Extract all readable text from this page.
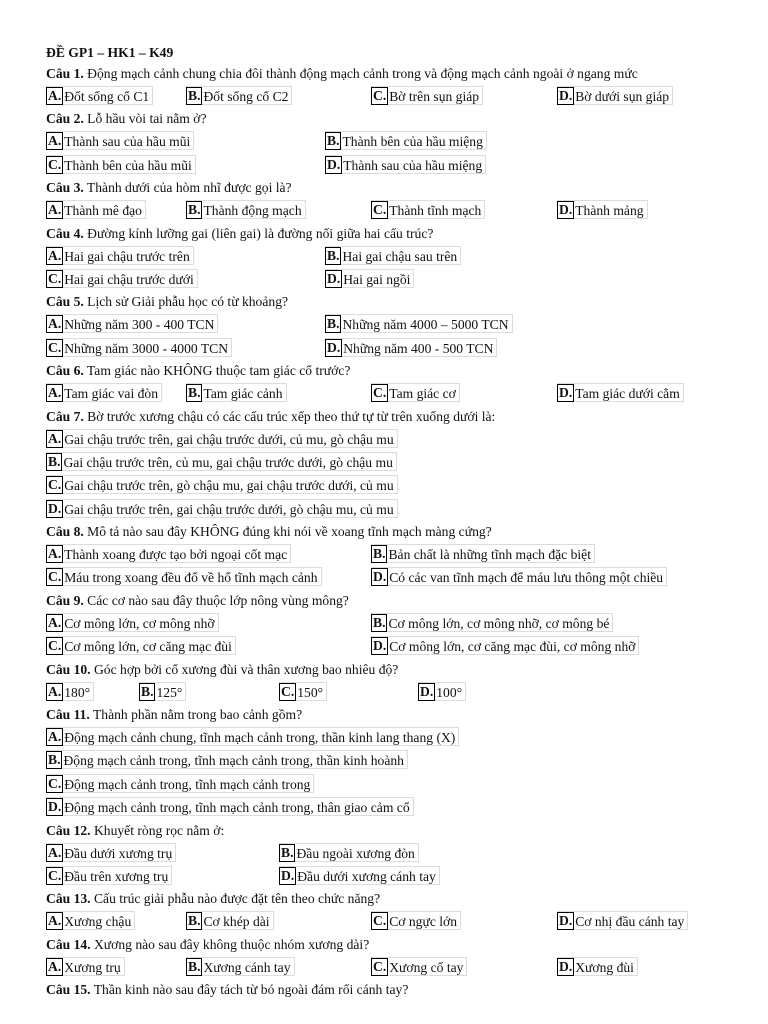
ĐỀ GP1 – HK1 – K49
Câu 1. Động mạch cảnh chung chia đôi thành động mạch cảnh trong và động mạch cảnh ngoài ở ngang mức
A. Đốt sống cổ C1	B. Đốt sống cổ C2	C. Bờ trên sụn giáp	D. Bờ dưới sụn giáp
Câu 2. Lỗ hầu vòi tai nằm ở?
A. Thành sau của hầu mũi	B. Thành bên của hầu miệng
C. Thành bên của hầu mũi	D. Thành sau của hầu miệng
Câu 3. Thành dưới của hòm nhĩ được gọi là?
A. Thành mê đạo	B. Thành động mạch	C. Thành tĩnh mạch	D. Thành mảng
Câu 4. Đường kính lưỡng gai (liên gai) là đường nối giữa hai cấu trúc?
A. Hai gai chậu trước trên	B. Hai gai chậu sau trên
C. Hai gai chậu trước dưới	D. Hai gai ngồi
Câu 5. Lịch sử Giải phẫu học có từ khoảng?
A. Những năm 300 - 400 TCN	B. Những năm 4000 – 5000 TCN
C. Những năm 3000 - 4000 TCN	D. Những năm 400 - 500 TCN
Câu 6. Tam giác nào KHÔNG thuộc tam giác cổ trước?
A. Tam giác vai đòn B. Tam giác cảnh	C. Tam giác cơ	D. Tam giác dưới cằm
Câu 7. Bờ trước xương chậu có các cấu trúc xếp theo thứ tự từ trên xuống dưới là:
A. Gai chậu trước trên, gai chậu trước dưới, củ mu, gò chậu mu
B. Gai chậu trước trên, củ mu, gai chậu trước dưới, gò chậu mu
C. Gai chậu trước trên, gò chậu mu, gai chậu trước dưới, củ mu
D. Gai chậu trước trên, gai chậu trước dưới, gò chậu mu, củ mu
Câu 8. Mô tả nào sau đây KHÔNG đúng khi nói về xoang tĩnh mạch màng cứng?
A. Thành xoang được tạo bởi ngoại cốt mạc	B. Bản chất là những tĩnh mạch đặc biệt
C. Máu trong xoang đều đổ về hố tĩnh mạch cảnh	D. Có các van tĩnh mạch để máu lưu thông một chiều
Câu 9. Các cơ nào sau đây thuộc lớp nông vùng mông?
A. Cơ mông lớn, cơ mông nhỡ	B. Cơ mông lớn, cơ mông nhỡ, cơ mông bé
C. Cơ mông lớn, cơ căng mạc đùi	D. Cơ mông lớn, cơ căng mạc đùi, cơ mông nhỡ
Câu 10. Góc hợp bởi cổ xương đùi và thân xương bao nhiêu độ?
A. 180°	B. 125°	C. 150°	D. 100°
Câu 11. Thành phần nằm trong bao cảnh gồm?
A. Động mạch cảnh chung, tĩnh mạch cảnh trong, thần kinh lang thang (X)
B. Động mạch cảnh trong, tĩnh mạch cảnh trong, thần kinh hoành
C. Động mạch cảnh trong, tĩnh mạch cảnh trong
D. Động mạch cảnh trong, tĩnh mạch cảnh trong, thân giao cảm cổ
Câu 12. Khuyết ròng rọc nằm ở:
A. Đầu dưới xương trụ	B. Đầu ngoài xương đòn
C. Đầu trên xương trụ	D. Đầu dưới xương cánh tay
Câu 13. Cấu trúc giải phẫu nào được đặt tên theo chức năng?
A. Xương chậu	B. Cơ khép dài	C. Cơ ngực lớn	D. Cơ nhị đầu cánh tay
Câu 14. Xương nào sau đây không thuộc nhóm xương dài?
A. Xương trụ	B. Xương cánh tay	C. Xương cổ tay	D. Xương đùi
Câu 15. Thần kinh nào sau đây tách từ bó ngoài đám rối cánh tay?
